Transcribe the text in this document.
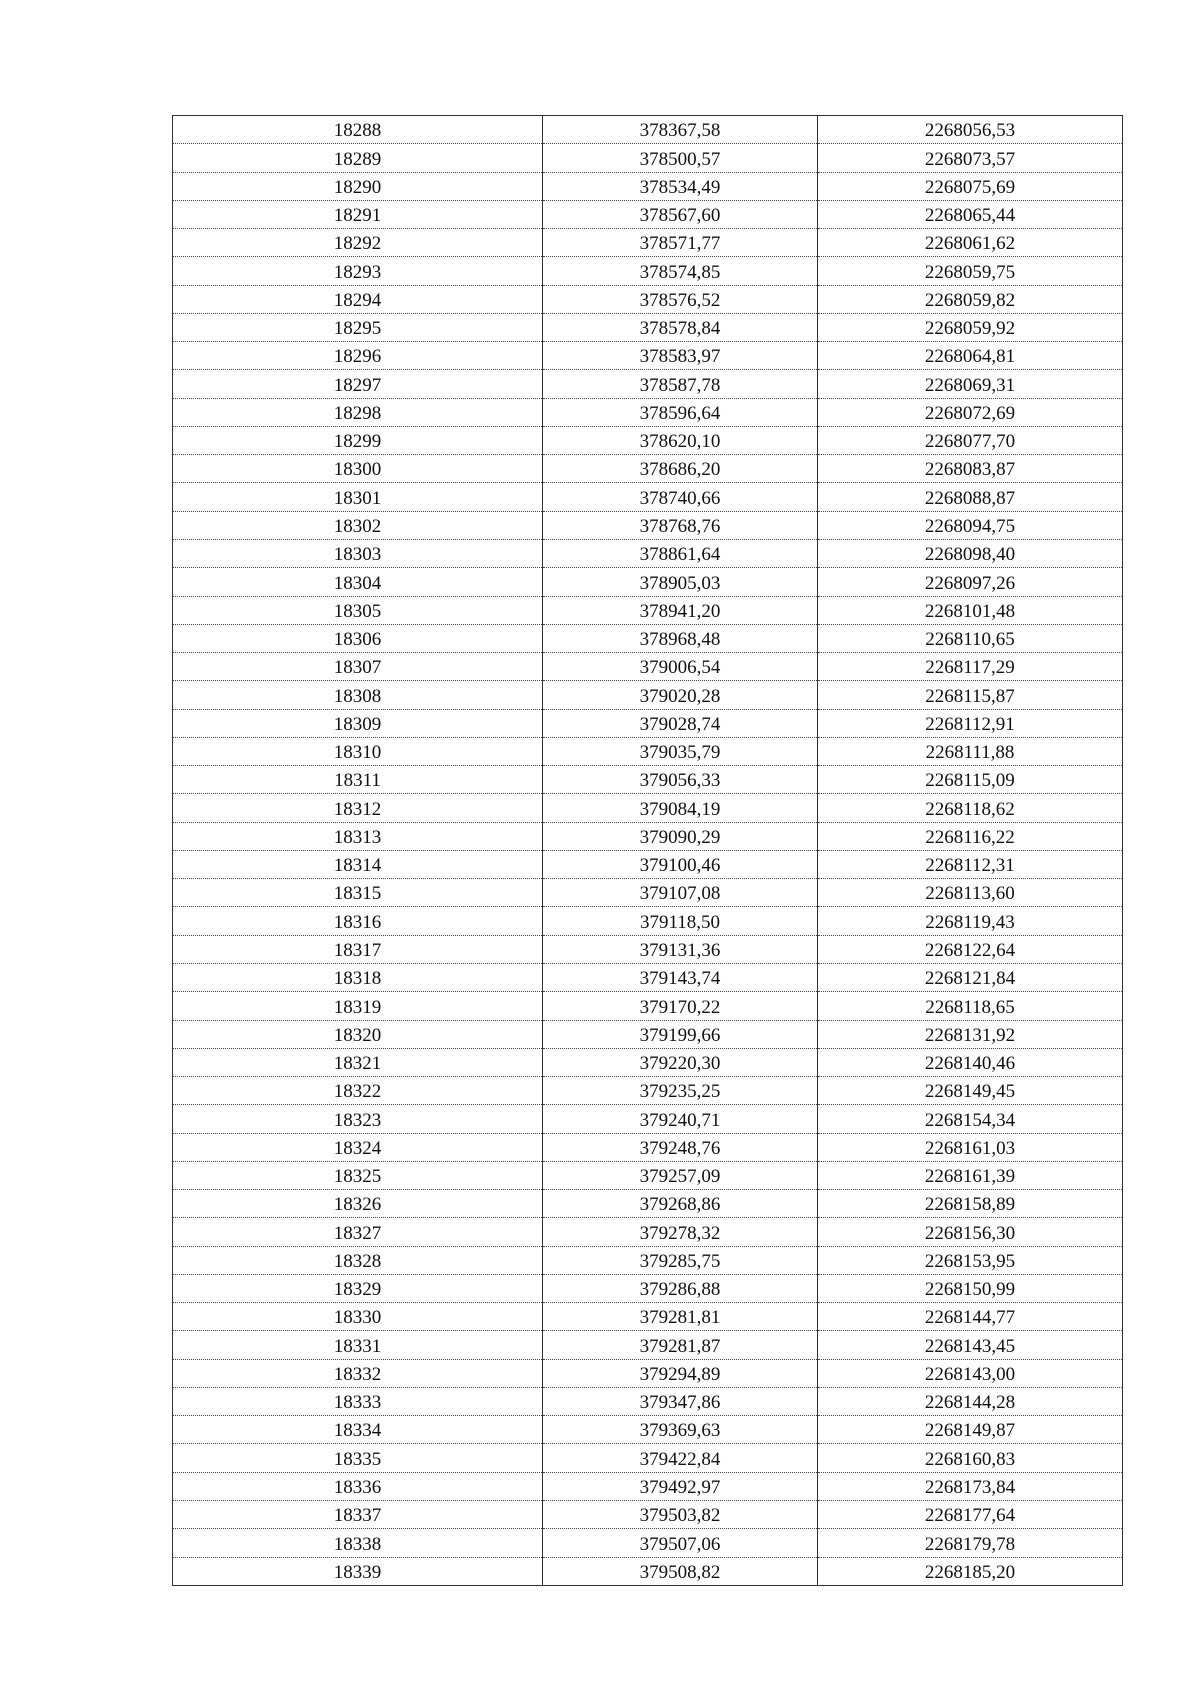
18288	378367,58	2268056,53
18289	378500,57	2268073,57
18290	378534,49	2268075,69
18291	378567,60	2268065,44
18292	378571,77	2268061,62
18293	378574,85	2268059,75
18294	378576,52	2268059,82
18295	378578,84	2268059,92
18296	378583,97	2268064,81
18297	378587,78	2268069,31
18298	378596,64	2268072,69
18299	378620,10	2268077,70
18300	378686,20	2268083,87
18301	378740,66	2268088,87
18302	378768,76	2268094,75
18303	378861,64	2268098,40
18304	378905,03	2268097,26
18305	378941,20	2268101,48
18306	378968,48	2268110,65
18307	379006,54	2268117,29
18308	379020,28	2268115,87
18309	379028,74	2268112,91
18310	379035,79	2268111,88
18311	379056,33	2268115,09
18312	379084,19	2268118,62
18313	379090,29	2268116,22
18314	379100,46	2268112,31
18315	379107,08	2268113,60
18316	379118,50	2268119,43
18317	379131,36	2268122,64
18318	379143,74	2268121,84
18319	379170,22	2268118,65
18320	379199,66	2268131,92
18321	379220,30	2268140,46
18322	379235,25	2268149,45
18323	379240,71	2268154,34
18324	379248,76	2268161,03
18325	379257,09	2268161,39
18326	379268,86	2268158,89
18327	379278,32	2268156,30
18328	379285,75	2268153,95
18329	379286,88	2268150,99
18330	379281,81	2268144,77
18331	379281,87	2268143,45
18332	379294,89	2268143,00
18333	379347,86	2268144,28
18334	379369,63	2268149,87
18335	379422,84	2268160,83
18336	379492,97	2268173,84
18337	379503,82	2268177,64
18338	379507,06	2268179,78
18339	379508,82	2268185,20
